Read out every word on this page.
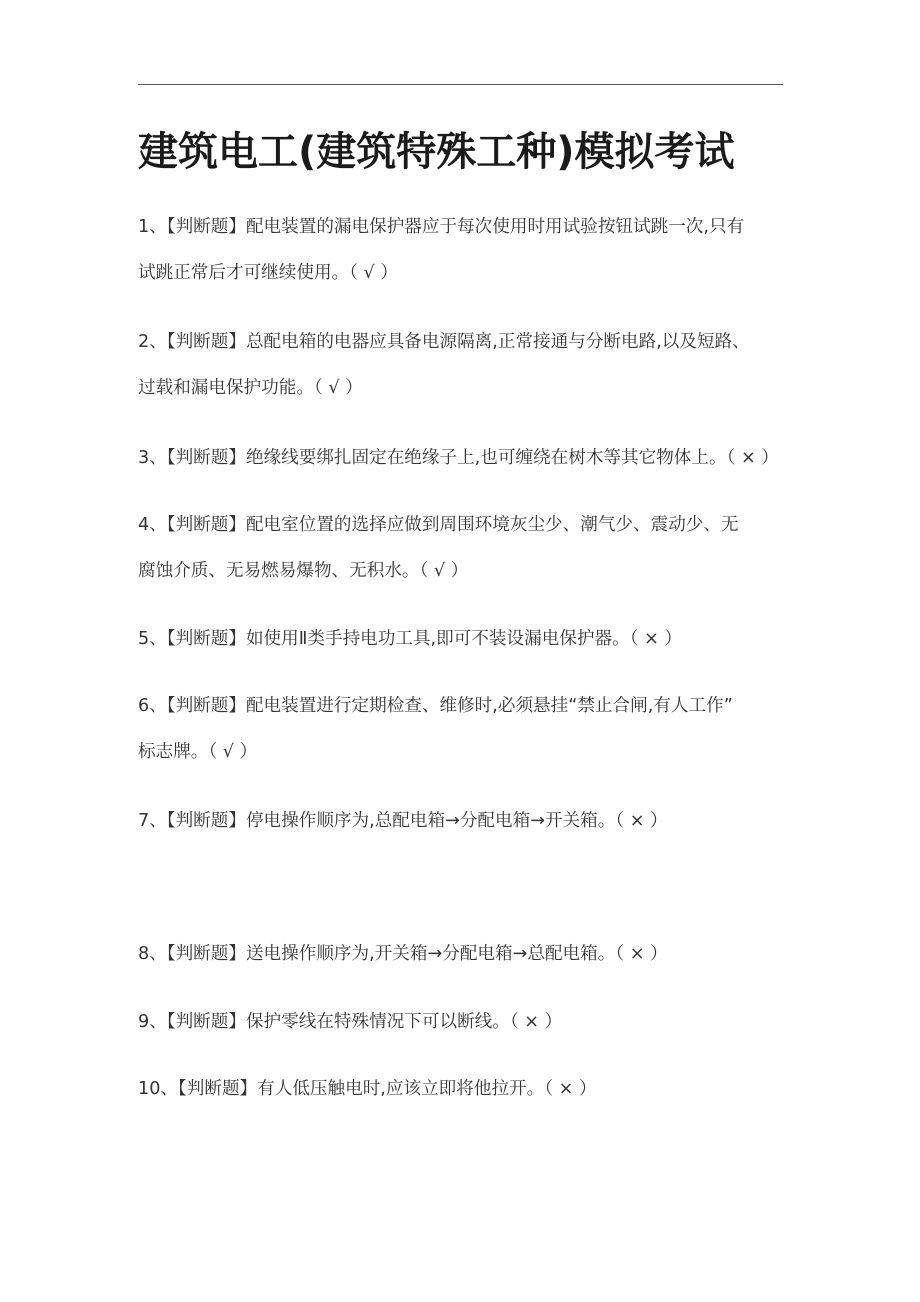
建筑电工(建筑特殊工种)模拟考试
1、【判断题】配电装置的漏电保护器应于每次使用时用试验按钮试跳一次,只有
试跳正常后才可继续使用。（ √ ）
2、【判断题】总配电箱的电器应具备电源隔离,正常接通与分断电路,以及短路、
过载和漏电保护功能。（ √ ）
3、【判断题】绝缘线要绑扎固定在绝缘子上,也可缠绕在树木等其它物体上。（ × ）
4、【判断题】配电室位置的选择应做到周围环境灰尘少、潮气少、震动少、无
腐蚀介质、无易燃易爆物、无积水。（ √ ）
5、【判断题】如使用Ⅱ类手持电功工具,即可不装设漏电保护器。（ × ）
6、【判断题】配电装置进行定期检查、维修时,必须悬挂“禁止合闸,有人工作”
标志牌。（ √ ）
7、【判断题】停电操作顺序为,总配电箱→分配电箱→开关箱。（ × ）
8、【判断题】送电操作顺序为,开关箱→分配电箱→总配电箱。（ × ）
9、【判断题】保护零线在特殊情况下可以断线。（ × ）
10、【判断题】有人低压触电时,应该立即将他拉开。（ × ）
